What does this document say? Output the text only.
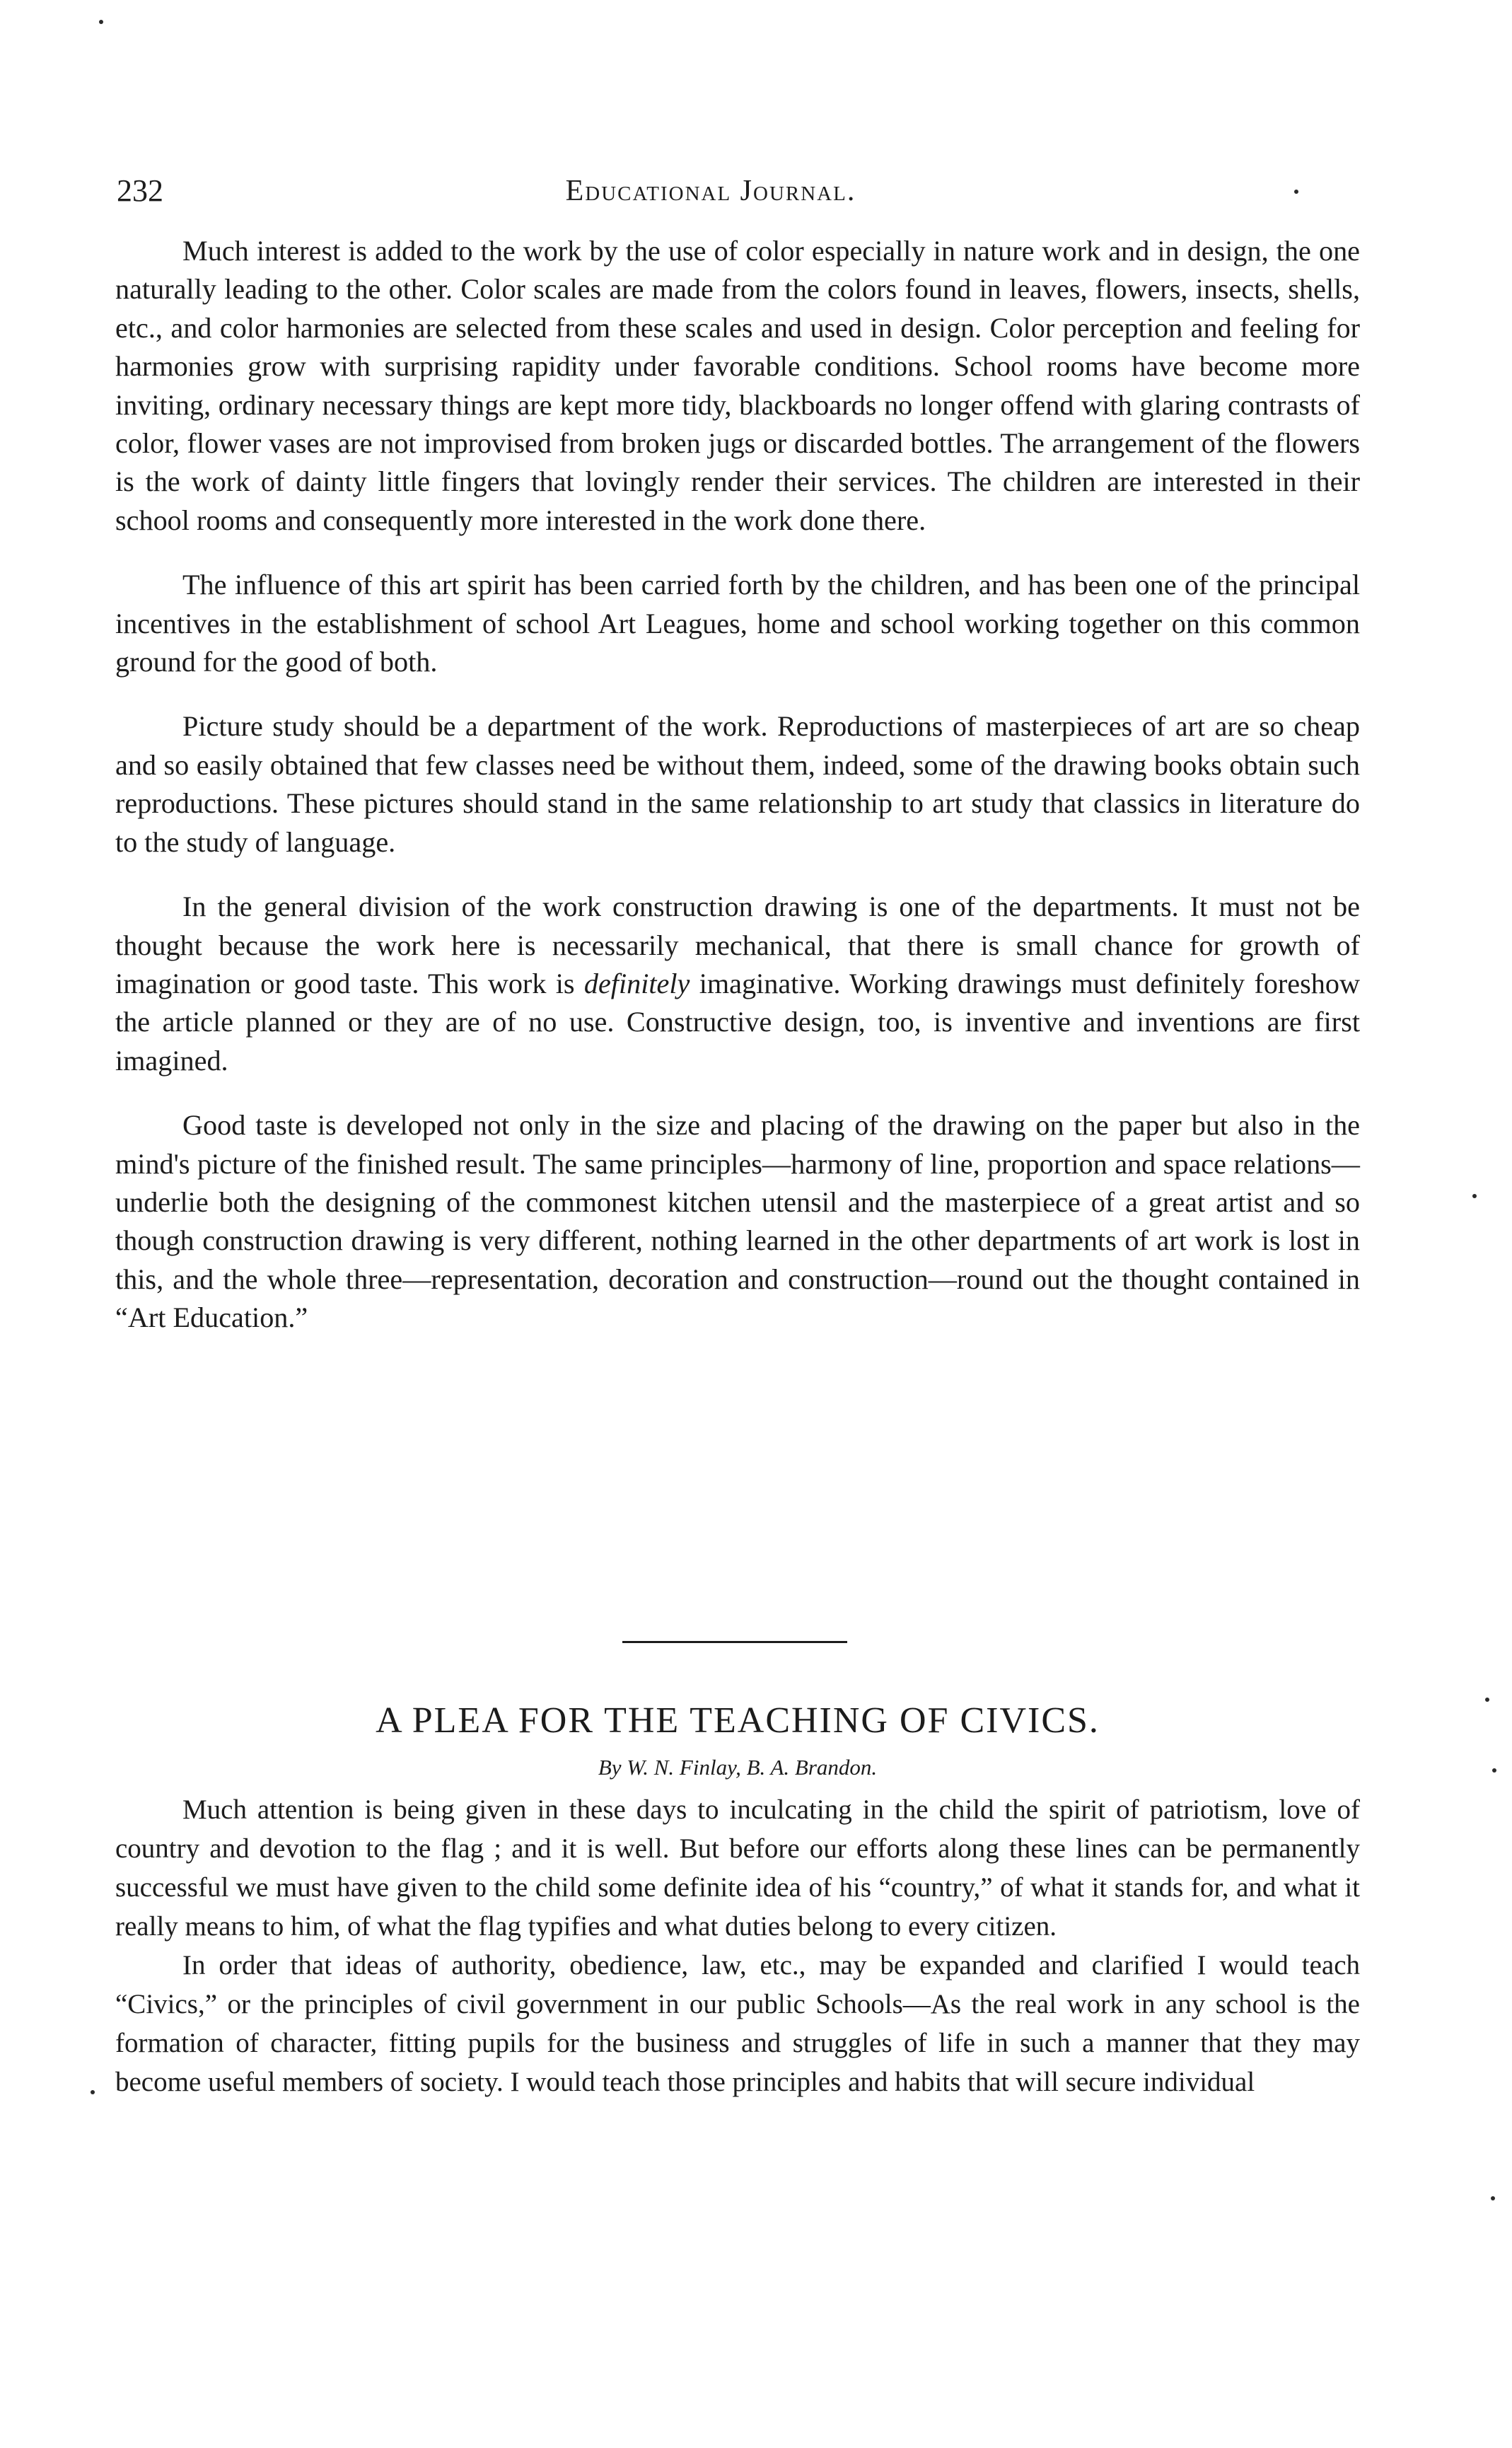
232	Educational Journal.

Much interest is added to the work by the use of color especially in nature work and in design, the one naturally leading to the other. Color scales are made from the colors found in leaves, flowers, insects, shells, etc., and color harmonies are selected from these scales and used in design. Color perception and feeling for harmonies grow with surprising rapidity under favorable conditions. School rooms have become more inviting, ordinary necessary things are kept more tidy, blackboards no longer offend with glaring contrasts of color, flower vases are not improvised from broken jugs or discarded bottles. The arrangement of the flowers is the work of dainty little fingers that lovingly render their services. The children are interested in their school rooms and consequently more interested in the work done there.

The influence of this art spirit has been carried forth by the children, and has been one of the principal incentives in the establishment of school Art Leagues, home and school working together on this common ground for the good of both.

Picture study should be a department of the work. Reproductions of masterpieces of art are so cheap and so easily obtained that few classes need be without them, indeed, some of the drawing books obtain such reproductions. These pictures should stand in the same relationship to art study that classics in literature do to the study of language.

In the general division of the work construction drawing is one of the departments. It must not be thought because the work here is necessarily mechanical, that there is small chance for growth of imagination or good taste. This work is definitely imaginative. Working drawings must definitely foreshow the article planned or they are of no use. Constructive design, too, is inventive and inventions are first imagined.

Good taste is developed not only in the size and placing of the drawing on the paper but also in the mind's picture of the finished result. The same principles—harmony of line, proportion and space relations—underlie both the designing of the commonest kitchen utensil and the masterpiece of a great artist and so though construction drawing is very different, nothing learned in the other departments of art work is lost in this, and the whole three—representation, decoration and construction—round out the thought contained in “Art Education.”

A PLEA FOR THE TEACHING OF CIVICS.
By W. N. Finlay, B. A. Brandon.

Much attention is being given in these days to inculcating in the child the spirit of patriotism, love of country and devotion to the flag ; and it is well. But before our efforts along these lines can be permanently successful we must have given to the child some definite idea of his “country,” of what it stands for, and what it really means to him, of what the flag typifies and what duties belong to every citizen.

In order that ideas of authority, obedience, law, etc., may be expanded and clarified I would teach “Civics,” or the principles of civil government in our public Schools—As the real work in any school is the formation of character, fitting pupils for the business and struggles of life in such a manner that they may become useful members of society. I would teach those principles and habits that will secure individual
